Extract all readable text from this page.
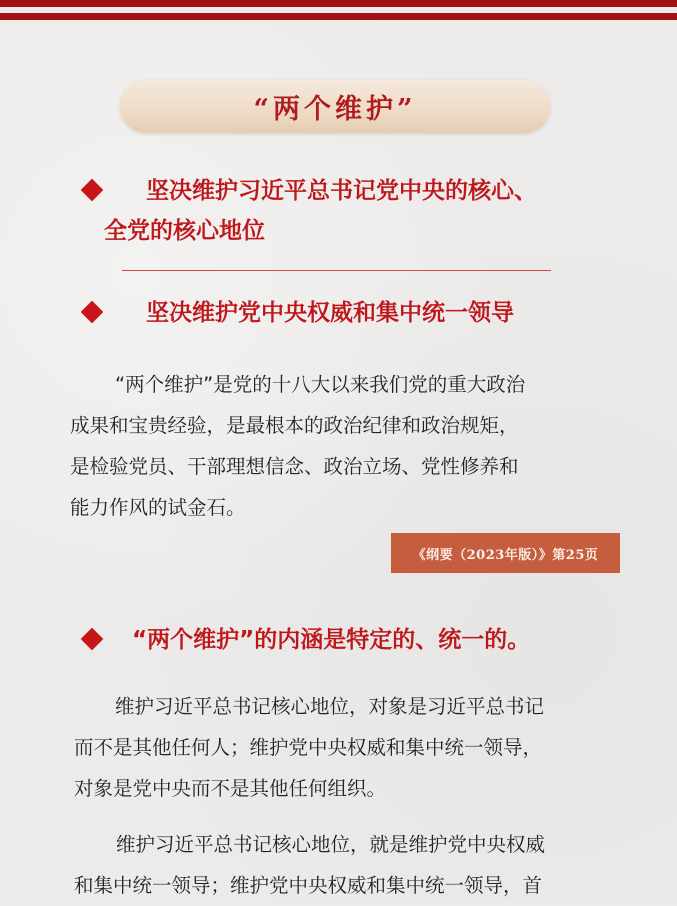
“两个维护”
坚决维护习近平总书记党中央的核心、
全党的核心地位
坚决维护党中央权威和集中统一领导
“两个维护”是党的十八大以来我们党的重大政治
成果和宝贵经验，是最根本的政治纪律和政治规矩，
是检验党员、干部理想信念、政治立场、党性修养和
能力作风的试金石。
《纲要（2023年版）》第25页
“两个维护”的内涵是特定的、统一的。
维护习近平总书记核心地位，对象是习近平总书记
而不是其他任何人；维护党中央权威和集中统一领导，
对象是党中央而不是其他任何组织。
维护习近平总书记核心地位，就是维护党中央权威
和集中统一领导；维护党中央权威和集中统一领导，首
